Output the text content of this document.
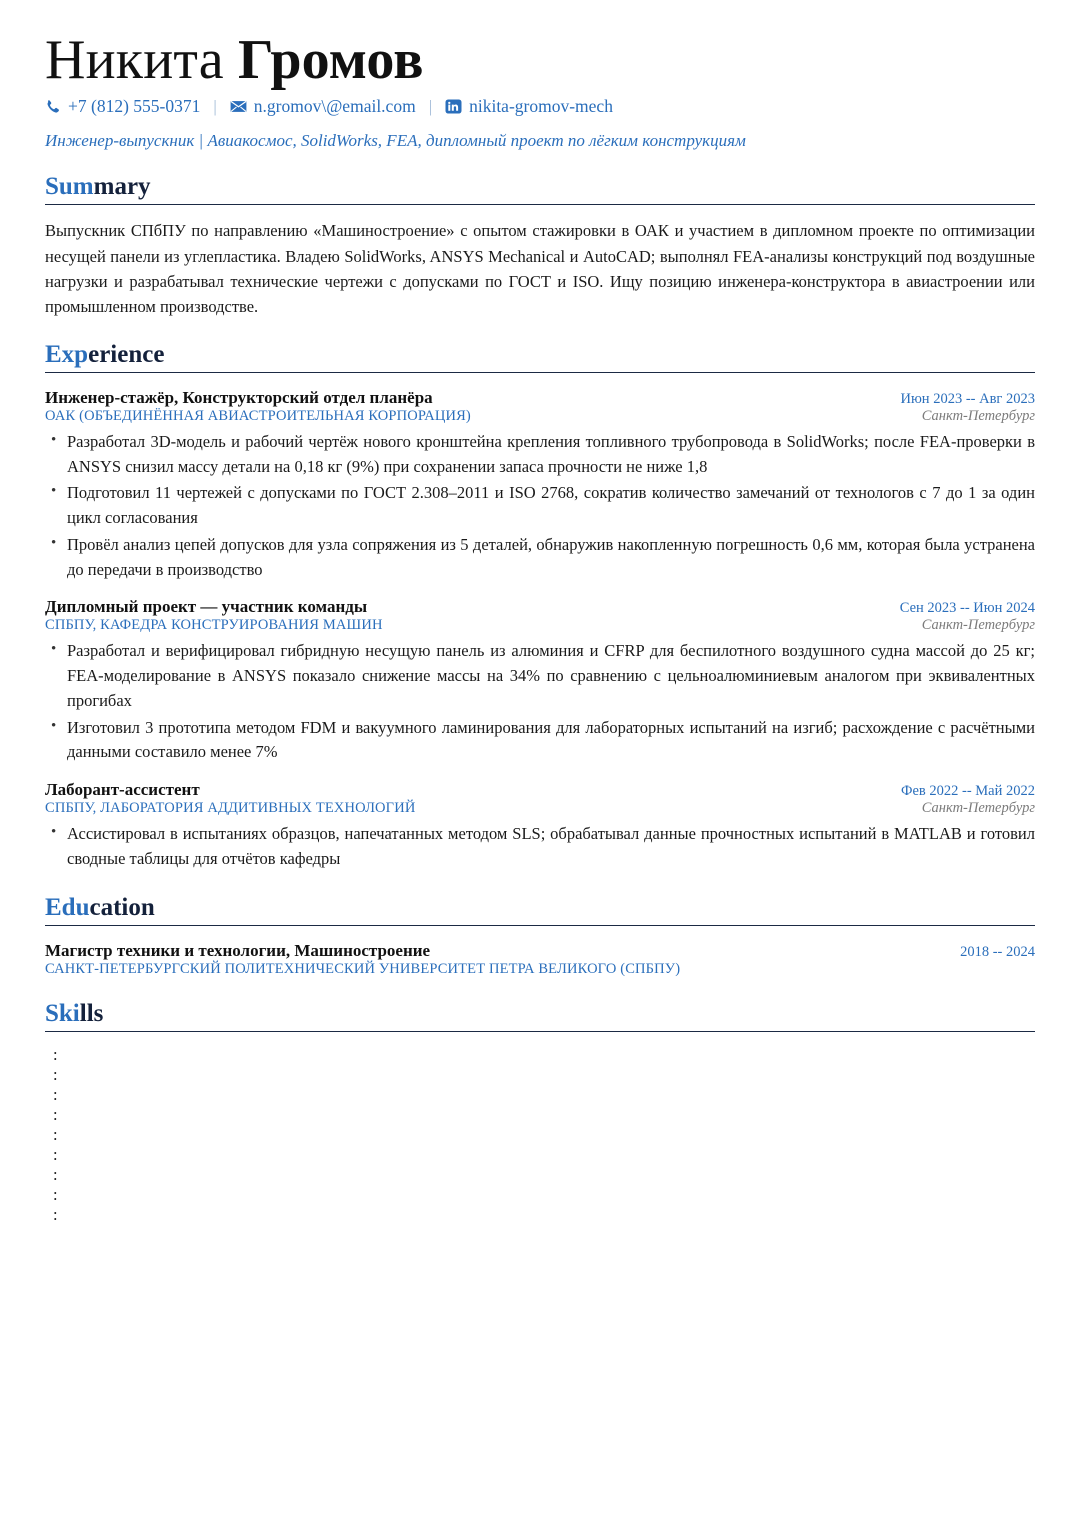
Никита Громов
+7 (812) 555-0371 |	n.gromov\@email.com |	nikita-gromov-mech
Инженер-выпускник | Авиакосмос, SolidWorks, FEA, дипломный проект по лёгким конструкциям
Summary

Выпускник СПбПУ по направлению «Машиностроение» с опытом стажировки в ОАК и участием в дипломном проекте по оптимизации несущей панели из углепластика. Владею SolidWorks, ANSYS Mechanical и AutoCAD; выполнял FEA-анализы конструкций под воздушные нагрузки и разрабатывал технические чертежи с допусками по ГОСТ и ISO. Ищу позицию инженера-конструктора в авиастроении или промышленном производстве.

Experience
Инженер-стажёр, Конструкторский отдел планёра	Июн 2023 -- Авг 2023
ОАК (ОБЪЕДИНЁННАЯ АВИАСТРОИТЕЛЬНАЯ КОРПОРАЦИЯ)	Санкт-Петербург
• Разработал 3D-модель и рабочий чертёж нового кронштейна крепления топливного трубопровода в SolidWorks; после FEA-проверки в ANSYS снизил массу детали на 0,18 кг (9%) при сохранении запаса прочности не ниже 1,8
• Подготовил 11 чертежей с допусками по ГОСТ 2.308–2011 и ISO 2768, сократив количество замечаний от технологов с 7 до 1 за один цикл согласования
• Провёл анализ цепей допусков для узла сопряжения из 5 деталей, обнаружив накопленную погрешность 0,6 мм, которая была устранена до передачи в производство
Дипломный проект — участник команды	Сен 2023 -- Июн 2024
СПБПУ, КАФЕДРА КОНСТРУИРОВАНИЯ МАШИН	Санкт-Петербург
• Разработал и верифицировал гибридную несущую панель из алюминия и CFRP для беспилотного воздушного судна массой до 25 кг; FEA-моделирование в ANSYS показало снижение массы на 34% по сравнению с цельноалюминиевым аналогом при эквивалентных прогибах
• Изготовил 3 прототипа методом FDM и вакуумного ламинирования для лабораторных испытаний на изгиб; расхождение с расчётными данными составило менее 7%
Лаборант-ассистент	Фев 2022 -- Май 2022
СПБПУ, ЛАБОРАТОРИЯ АДДИТИВНЫХ ТЕХНОЛОГИЙ	Санкт-Петербург
• Ассистировал в испытаниях образцов, напечатанных методом SLS; обрабатывал данные прочностных испытаний в MATLAB и готовил сводные таблицы для отчётов кафедры
Education
Магистр техники и технологии, Машиностроение	2018 -- 2024
САНКТ-ПЕТЕРБУРГСКИЙ ПОЛИТЕХНИЧЕСКИЙ УНИВЕРСИТЕТ ПЕТРА ВЕЛИКОГО (СПБПУ)
Skills
:
:
:
:
:
:
:
:
:
